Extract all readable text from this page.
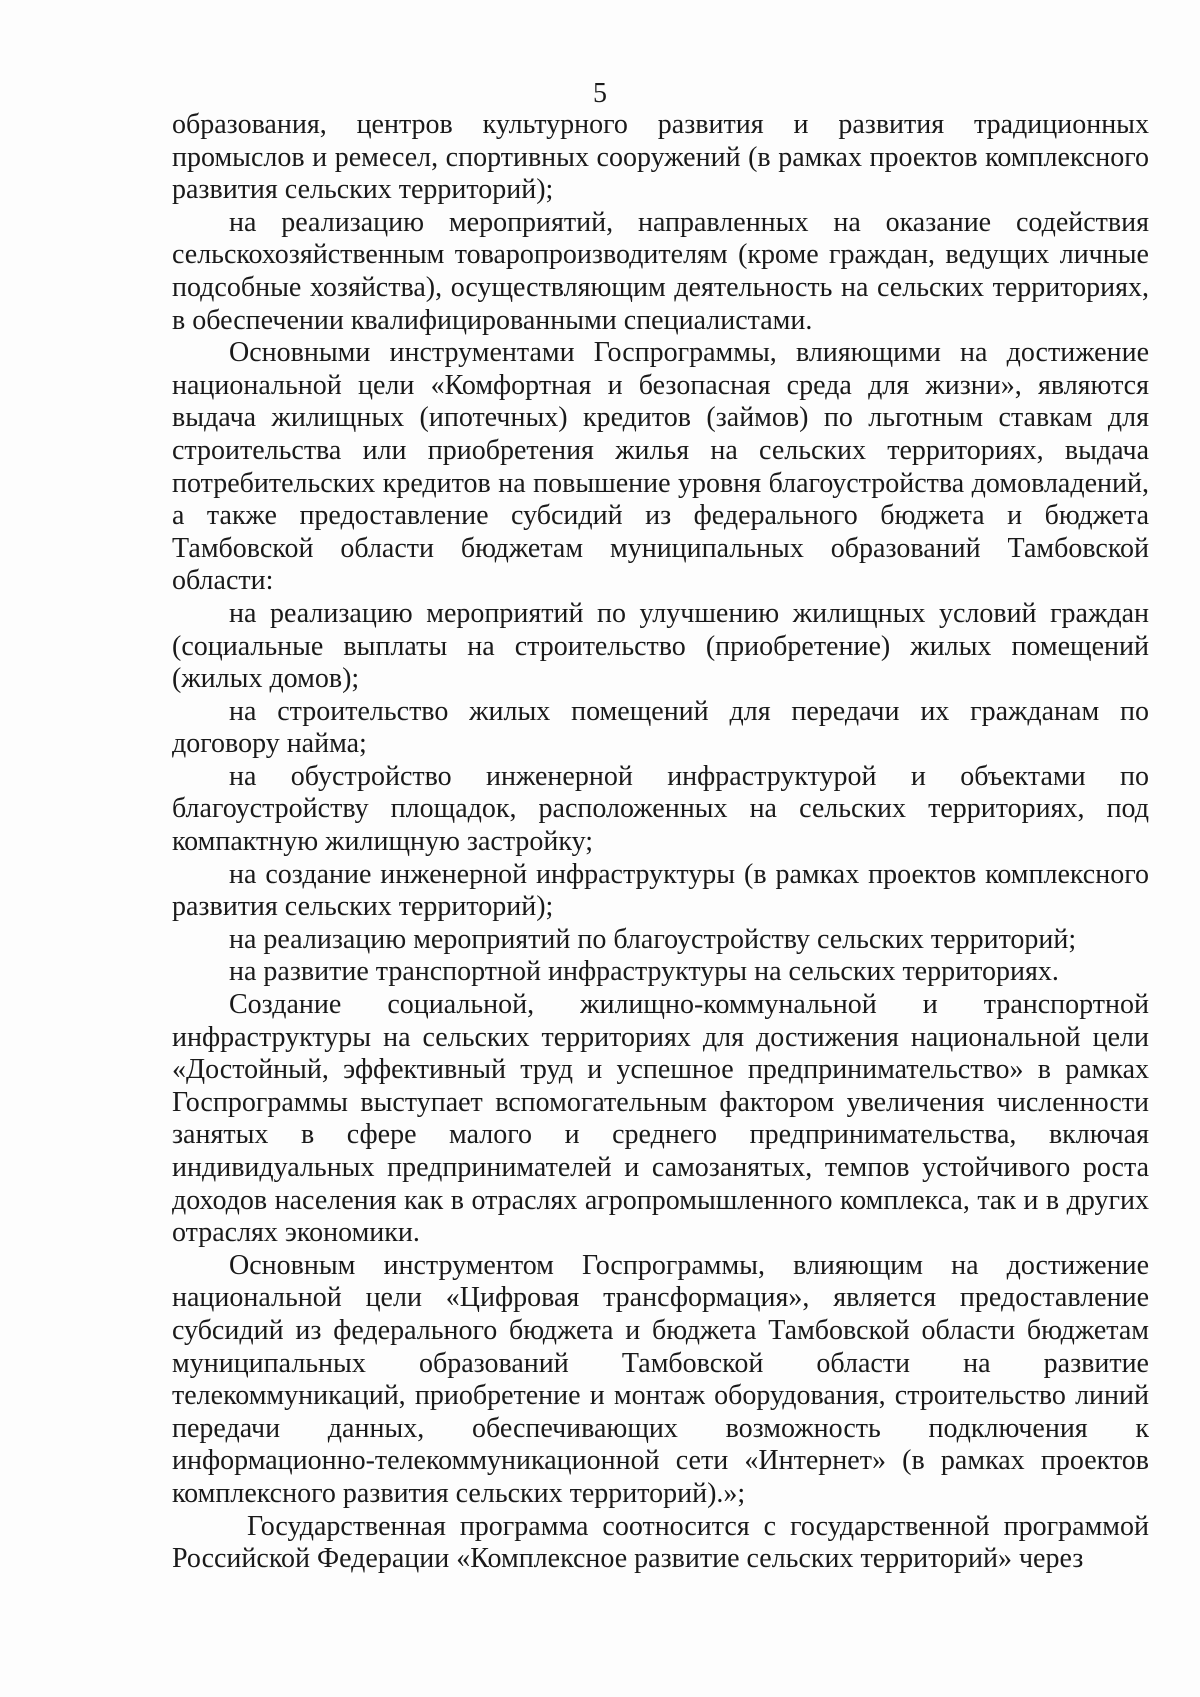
5

образования, центров культурного развития и развития традиционных промыслов и ремесел, спортивных сооружений (в рамках проектов комплексного развития сельских территорий);

на реализацию мероприятий, направленных на оказание содействия сельскохозяйственным товаропроизводителям (кроме граждан, ведущих личные подсобные хозяйства), осуществляющим деятельность на сельских территориях, в обеспечении квалифицированными специалистами.

Основными инструментами Госпрограммы, влияющими на достижение национальной цели «Комфортная и безопасная среда для жизни», являются выдача жилищных (ипотечных) кредитов (займов) по льготным ставкам для строительства или приобретения жилья на сельских территориях, выдача потребительских кредитов на повышение уровня благоустройства домовладений, а также предоставление субсидий из федерального бюджета и бюджета Тамбовской области бюджетам муниципальных образований Тамбовской области:

на реализацию мероприятий по улучшению жилищных условий граждан (социальные выплаты на строительство (приобретение) жилых помещений (жилых домов);

на строительство жилых помещений для передачи их гражданам по договору найма;

на обустройство инженерной инфраструктурой и объектами по благоустройству площадок, расположенных на сельских территориях, под компактную жилищную застройку;

на создание инженерной инфраструктуры (в рамках проектов комплексного развития сельских территорий);

на реализацию мероприятий по благоустройству сельских территорий;

на развитие транспортной инфраструктуры на сельских территориях.

Создание социальной, жилищно-коммунальной и транспортной инфраструктуры на сельских территориях для достижения национальной цели «Достойный, эффективный труд и успешное предпринимательство» в рамках Госпрограммы выступает вспомогательным фактором увеличения численности занятых в сфере малого и среднего предпринимательства, включая индивидуальных предпринимателей и самозанятых, темпов устойчивого роста доходов населения как в отраслях агропромышленного комплекса, так и в других отраслях экономики.

Основным инструментом Госпрограммы, влияющим на достижение национальной цели «Цифровая трансформация», является предоставление субсидий из федерального бюджета и бюджета Тамбовской области бюджетам муниципальных образований Тамбовской области на развитие телекоммуникаций, приобретение и монтаж оборудования, строительство линий передачи данных, обеспечивающих возможность подключения к информационно-телекоммуникационной сети «Интернет» (в рамках проектов комплексного развития сельских территорий).»;

Государственная программа соотносится с государственной программой Российской Федерации «Комплексное развитие сельских территорий» через
